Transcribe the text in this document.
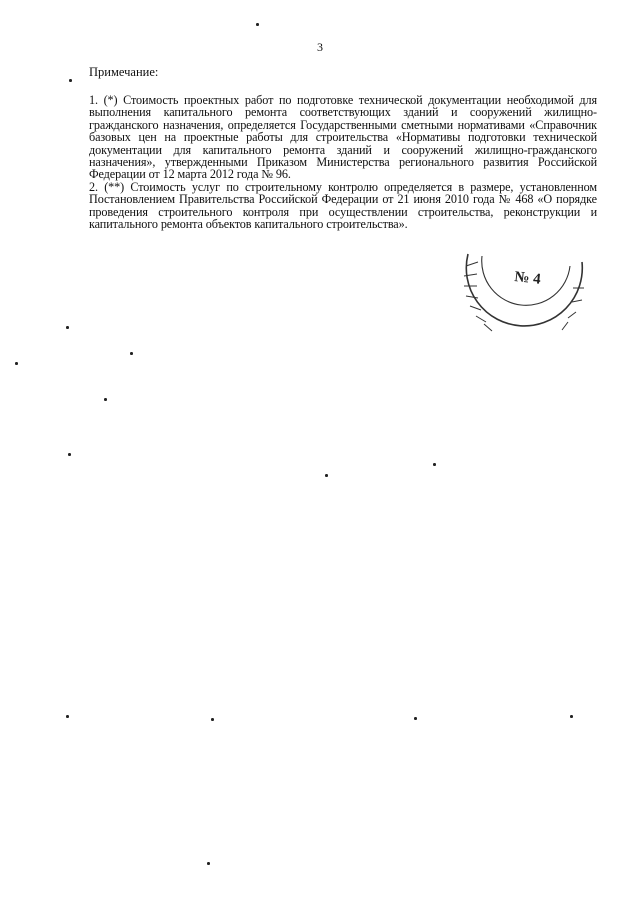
3
Примечание:

1. (*) Стоимость проектных работ по подготовке технической документации необходимой для выполнения капитального ремонта соответствующих зданий и сооружений жилищно-гражданского назначения, определяется Государственными сметными нормативами «Справочник базовых цен на проектные работы для строительства «Нормативы подготовки технической документации для капитального ремонта зданий и сооружений жилищно-гражданского назначения», утвержденными Приказом Министерства регионального развития Российской Федерации от 12 марта 2012 года № 96.

2. (**) Стоимость услуг по строительному контролю определяется в размере, установленном Постановлением Правительства Российской Федерации от 21 июня 2010 года № 468 «О порядке проведения строительного контроля при осуществлении строительства, реконструкции и капитального ремонта объектов капитального строительства».

№ 4
